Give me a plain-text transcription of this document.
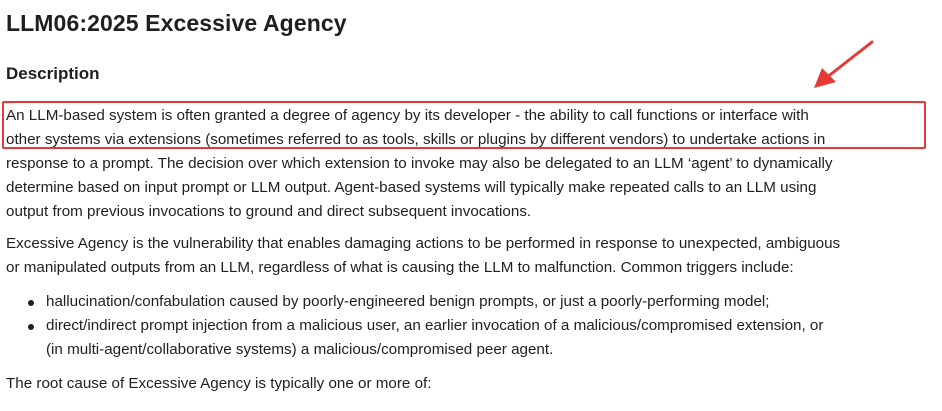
LLM06:2025 Excessive Agency
Description

An LLM-based system is often granted a degree of agency by its developer - the ability to call functions or interface with
other systems via extensions (sometimes referred to as tools, skills or plugins by different vendors) to undertake actions in
response to a prompt. The decision over which extension to invoke may also be delegated to an LLM ‘agent’ to dynamically
determine based on input prompt or LLM output. Agent-based systems will typically make repeated calls to an LLM using
output from previous invocations to ground and direct subsequent invocations.

Excessive Agency is the vulnerability that enables damaging actions to be performed in response to unexpected, ambiguous
or manipulated outputs from an LLM, regardless of what is causing the LLM to malfunction. Common triggers include:

hallucination/confabulation caused by poorly-engineered benign prompts, or just a poorly-performing model;
direct/indirect prompt injection from a malicious user, an earlier invocation of a malicious/compromised extension, or
(in multi-agent/collaborative systems) a malicious/compromised peer agent.

The root cause of Excessive Agency is typically one or more of:
